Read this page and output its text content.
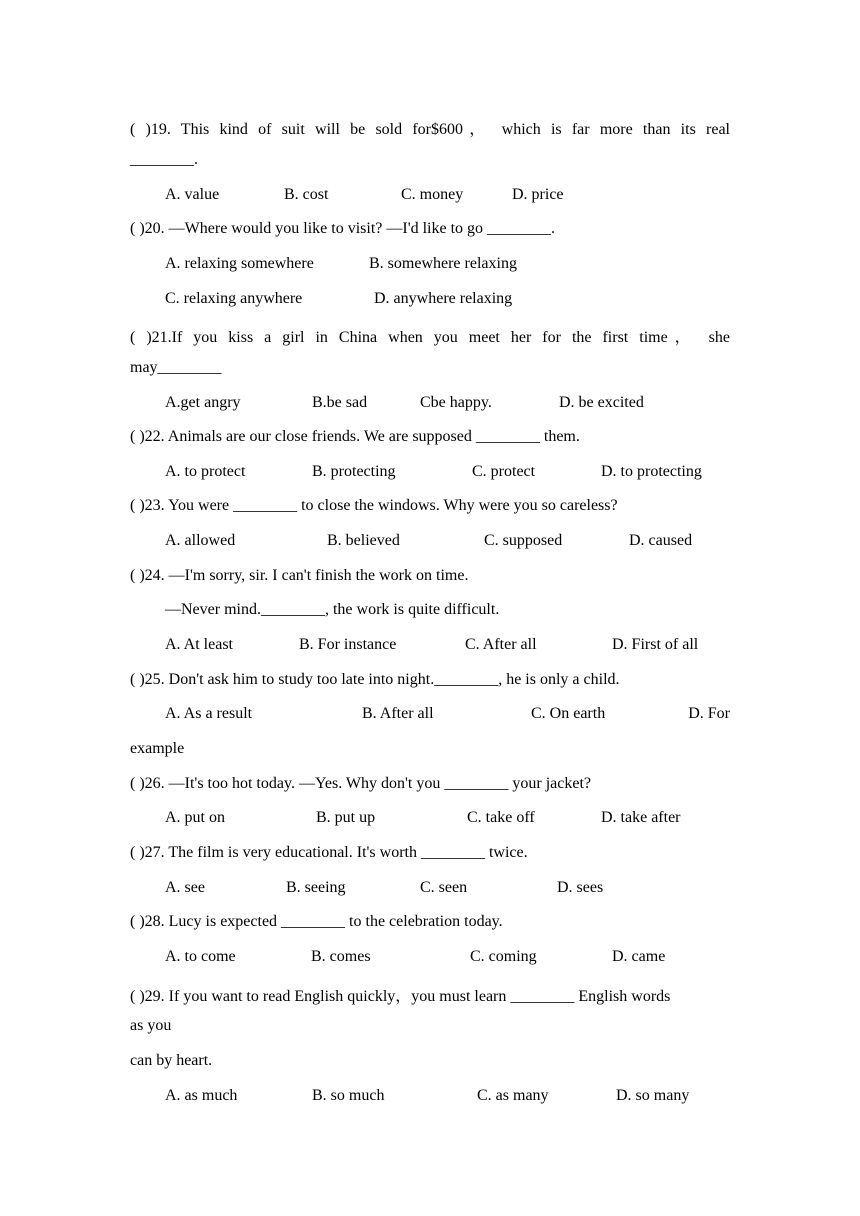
( )19. This kind of suit will be sold for$600， which is far more than its real
________.
A. value	B. cost	C. money	D. price
( )20. —Where would you like to visit? —I'd like to go ________.
A. relaxing somewhere	B. somewhere relaxing
C. relaxing anywhere	D. anywhere relaxing
( )21.If you kiss a girl in China when you meet her for the first time， she
may________
A.get angry	B.be sad	Cbe happy.	D. be excited
( )22. Animals are our close friends. We are supposed ________ them.
A. to protect	B. protecting	C. protect	D. to protecting
( )23. You were ________ to close the windows. Why were you so careless?
A. allowed	B. believed	C. supposed	D. caused
( )24. —I'm sorry, sir. I can't finish the work on time.
—Never mind.________, the work is quite difficult.
A. At least	B. For instance	C. After all	D. First of all
( )25. Don't ask him to study too late into night.________, he is only a child.
A. As a result	B. After all	C. On earth	D. For
example
( )26. —It's too hot today. —Yes. Why don't you ________ your jacket?
A. put on	B. put up	C. take off	D. take after
( )27. The film is very educational. It's worth ________ twice.
A. see	B. seeing	C. seen	D. sees
( )28. Lucy is expected ________ to the celebration today.
A. to come	B. comes	C. coming	D. came
( )29. If you want to read English quickly，you must learn ________ English words
as you
can by heart.
A. as much	B. so much	C. as many	D. so many
